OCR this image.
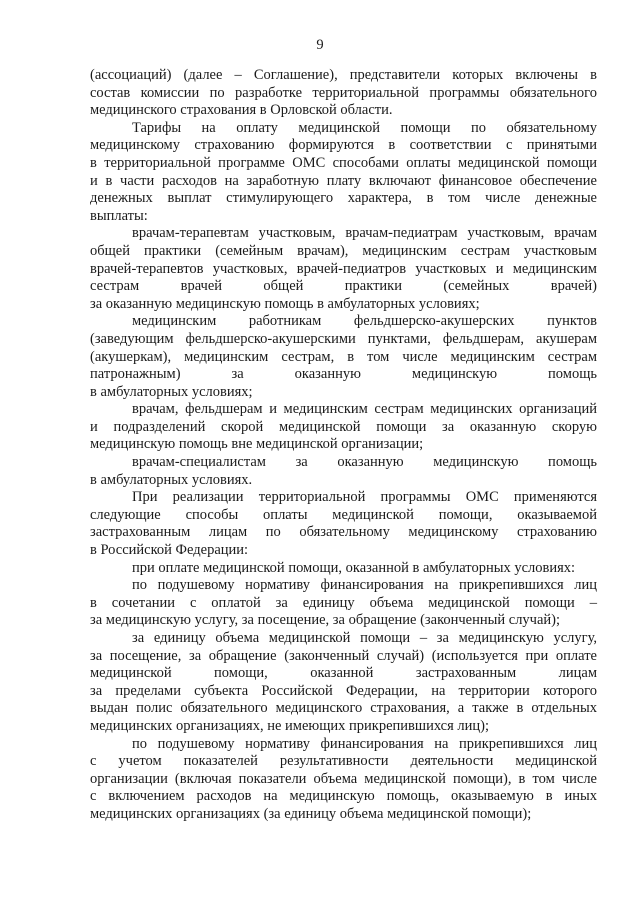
9
(ассоциаций) (далее – Соглашение), представители которых включены в
состав комиссии по разработке территориальной программы обязательного
медицинского страхования в Орловской области.
Тарифы на оплату медицинской помощи по обязательному
медицинскому страхованию формируются в соответствии с принятыми
в территориальной программе ОМС способами оплаты медицинской помощи
и в части расходов на заработную плату включают финансовое обеспечение
денежных выплат стимулирующего характера, в том числе денежные
выплаты:
врачам-терапевтам участковым, врачам-педиатрам участковым, врачам
общей практики (семейным врачам), медицинским сестрам участковым
врачей-терапевтов участковых, врачей-педиатров участковых и медицинским
сестрам врачей общей практики (семейных врачей)
за оказанную медицинскую помощь в амбулаторных условиях;
медицинским работникам фельдшерско-акушерских пунктов
(заведующим фельдшерско-акушерскими пунктами, фельдшерам, акушерам
(акушеркам), медицинским сестрам, в том числе медицинским сестрам
патронажным) за оказанную медицинскую помощь
в амбулаторных условиях;
врачам, фельдшерам и медицинским сестрам медицинских организаций
и подразделений скорой медицинской помощи за оказанную скорую
медицинскую помощь вне медицинской организации;
врачам-специалистам за оказанную медицинскую помощь
в амбулаторных условиях.
При реализации территориальной программы ОМС применяются
следующие способы оплаты медицинской помощи, оказываемой
застрахованным лицам по обязательному медицинскому страхованию
в Российской Федерации:
при оплате медицинской помощи, оказанной в амбулаторных условиях:
по подушевому нормативу финансирования на прикрепившихся лиц
в сочетании с оплатой за единицу объема медицинской помощи –
за медицинскую услугу, за посещение, за обращение (законченный случай);
за единицу объема медицинской помощи – за медицинскую услугу,
за посещение, за обращение (законченный случай) (используется при оплате
медицинской помощи, оказанной застрахованным лицам
за пределами субъекта Российской Федерации, на территории которого
выдан полис обязательного медицинского страхования, а также в отдельных
медицинских организациях, не имеющих прикрепившихся лиц);
по подушевому нормативу финансирования на прикрепившихся лиц
с учетом показателей результативности деятельности медицинской
организации (включая показатели объема медицинской помощи), в том числе
с включением расходов на медицинскую помощь, оказываемую в иных
медицинских организациях (за единицу объема медицинской помощи);
